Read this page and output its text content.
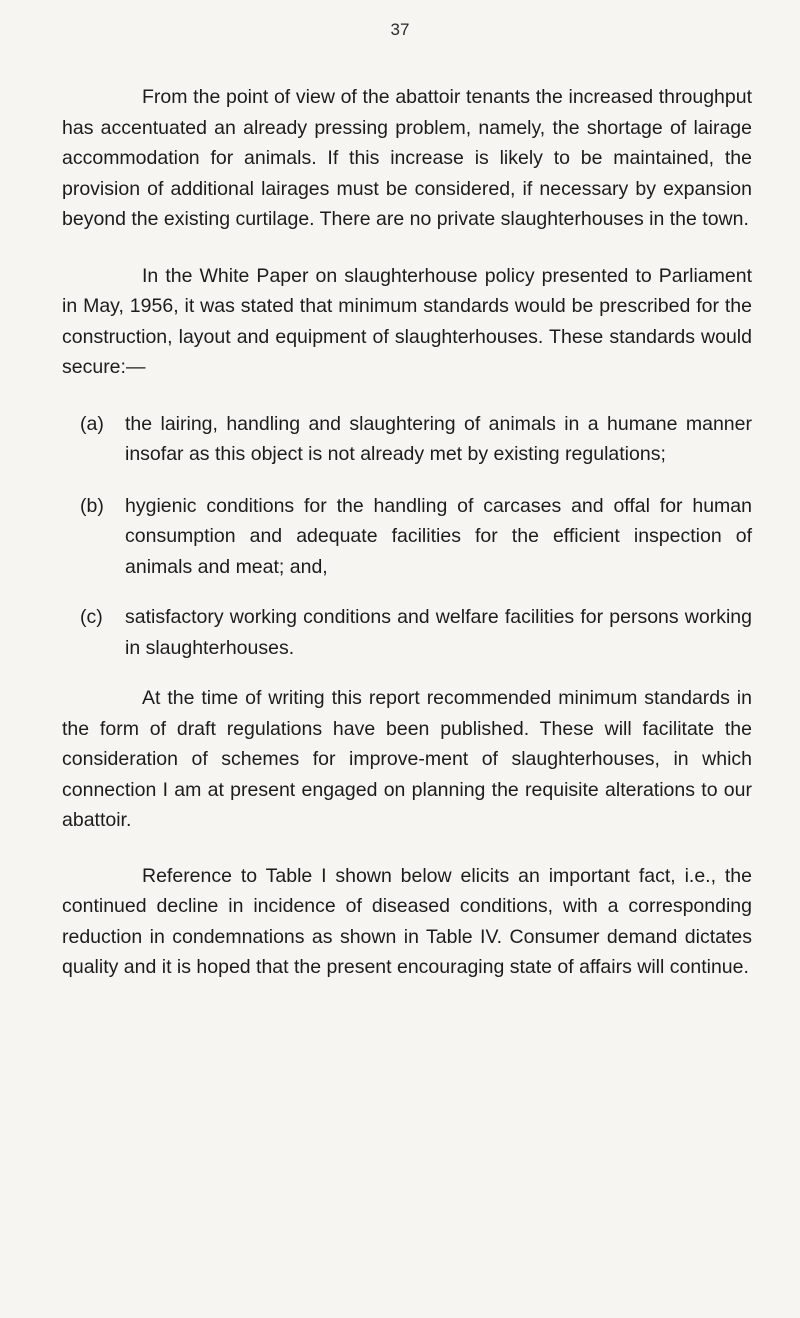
37

From the point of view of the abattoir tenants the increased throughput has accentuated an already pressing problem, namely, the shortage of lairage accommodation for animals. If this increase is likely to be maintained, the provision of additional lairages must be considered, if necessary by expansion beyond the existing curtilage. There are no private slaughterhouses in the town.

In the White Paper on slaughterhouse policy presented to Parliament in May, 1956, it was stated that minimum standards would be prescribed for the construction, layout and equipment of slaughterhouses. These standards would secure:—

(a)	the lairing, handling and slaughtering of animals in a humane manner insofar as this object is not already met by existing regulations;
(b)	hygienic conditions for the handling of carcases and offal for human consumption and adequate facilities for the efficient inspection of animals and meat; and,
(c)	satisfactory working conditions and welfare facilities for persons working in slaughterhouses.

At the time of writing this report recommended minimum standards in the form of draft regulations have been published. These will facilitate the consideration of schemes for improve-ment of slaughterhouses, in which connection I am at present engaged on planning the requisite alterations to our abattoir.

Reference to Table I shown below elicits an important fact, i.e., the continued decline in incidence of diseased conditions, with a corresponding reduction in condemnations as shown in Table IV. Consumer demand dictates quality and it is hoped that the present encouraging state of affairs will continue.
